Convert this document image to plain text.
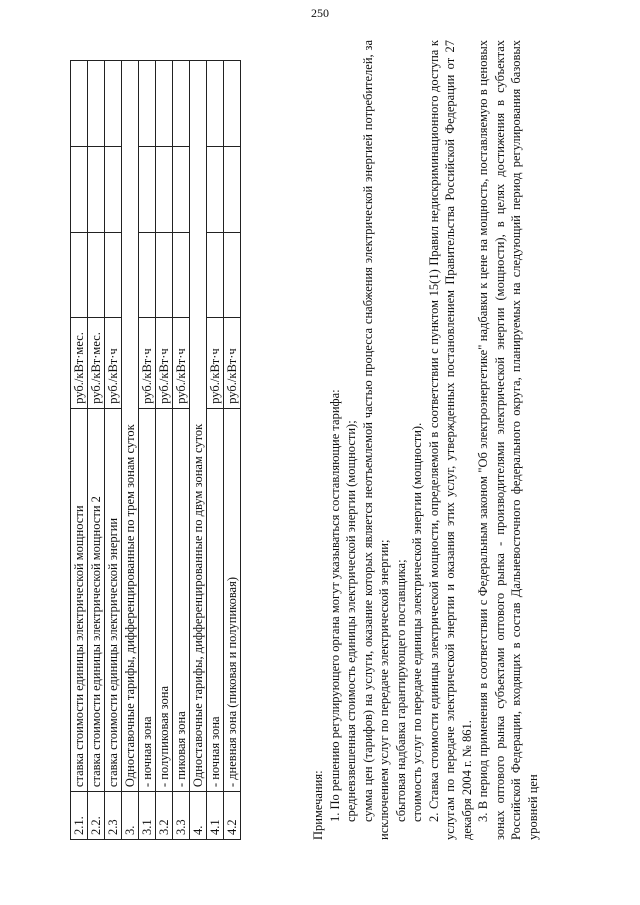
250
2.1.	ставка стоимости единицы электрической мощности	руб./кВт·мес.			
2.2.	ставка стоимости единицы электрической мощности 2	руб./кВт·мес.			
2.3	ставка стоимости единицы электрической энергии	руб./кВт·ч			
3.	Одноставочные тарифы, дифференцированные по трем зонам суток				
3.1	- ночная зона	руб./кВт·ч			
3.2	- полупиковая зона	руб./кВт·ч			
3.3	- пиковая зона	руб./кВт·ч			
4.	Одноставочные тарифы, дифференцированные по двум зонам суток				
4.1	- ночная зона	руб./кВт·ч			
4.2	- дневная зона (пиковая и полупиковая)	руб./кВт·ч			

Примечания: 1. По решению регулирующего органа могут указываться составляющие тарифа: средневзвешенная стоимость единицы электрической энергии (мощности); сумма цен (тарифов) на услуги, оказание которых является неотъемлемой частью процесса снабжения электрической энергией потребителей, за исключением услуг по передаче электрической энергии; сбытовая надбавка гарантирующего поставщика; стоимость услуг по передаче единицы электрической энергии (мощности). 2. Ставка стоимости единицы электрической мощности, определяемой в соответствии с пунктом 15(1) Правил недискриминационного доступа к услугам по передаче электрической энергии и оказания этих услуг, утвержденных постановлением Правительства Российской Федерации от 27 декабря 2004 г. № 861. 3. В период применения в соответствии с Федеральным законом "Об электроэнергетике" надбавки к цене на мощность, поставляемую в ценовых зонах оптового рынка субъектами оптового рынка - производителями электрической энергии (мощности), в целях достижения в субъектах Российской Федерации, входящих в состав Дальневосточного федерального округа, планируемых на следующий период регулирования базовых уровней цен
